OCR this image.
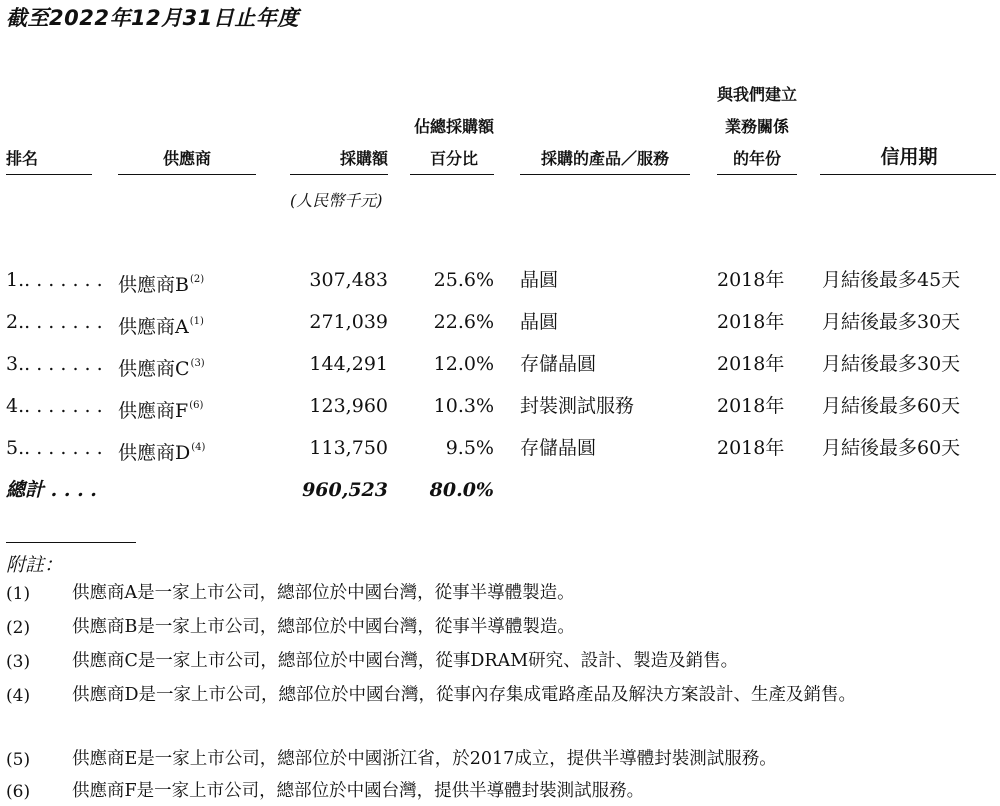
截至2022年12月31日止年度
排名	供應商	採購額
佔總採購額
百分比	採購的產品／服務
與我們建立
業務關係
的年份	信用期
(人民幣千元)
1.. . . . . . . 供應商$B^{(2)}$	307,483	25.6% 晶圓	2018年 月結後最多45天
2.. . . . . . . 供應商$A^{(1)}$	271,039	22.6% 晶圓	2018年 月結後最多30天
3.. . . . . . . 供應商$C^{(3)}$	144,291	12.0% 存儲晶圓	2018年 月結後最多30天
4.. . . . . . . 供應商$F^{(6)}$	123,960	10.3% 封裝測試服務	2018年 月結後最多60天
5.. . . . . . . 供應商$D^{(4)}$	113,750	9.5% 存儲晶圓	2018年 月結後最多60天
總計 . . . .	960,523	80.0%
附註：
(1) 供應商A是一家上市公司，總部位於中國台灣，從事半導體製造。
(2) 供應商B是一家上市公司，總部位於中國台灣，從事半導體製造。
(3) 供應商C是一家上市公司，總部位於中國台灣，從事DRAM研究、設計、製造及銷售。
(4) 供應商D是一家上市公司，總部位於中國台灣，從事內存集成電路產品及解決方案設計、生產及銷售。
(5) 供應商E是一家上市公司，總部位於中國浙江省，於2017成立，提供半導體封裝測試服務。
(6) 供應商F是一家上市公司，總部位於中國台灣，提供半導體封裝測試服務。
